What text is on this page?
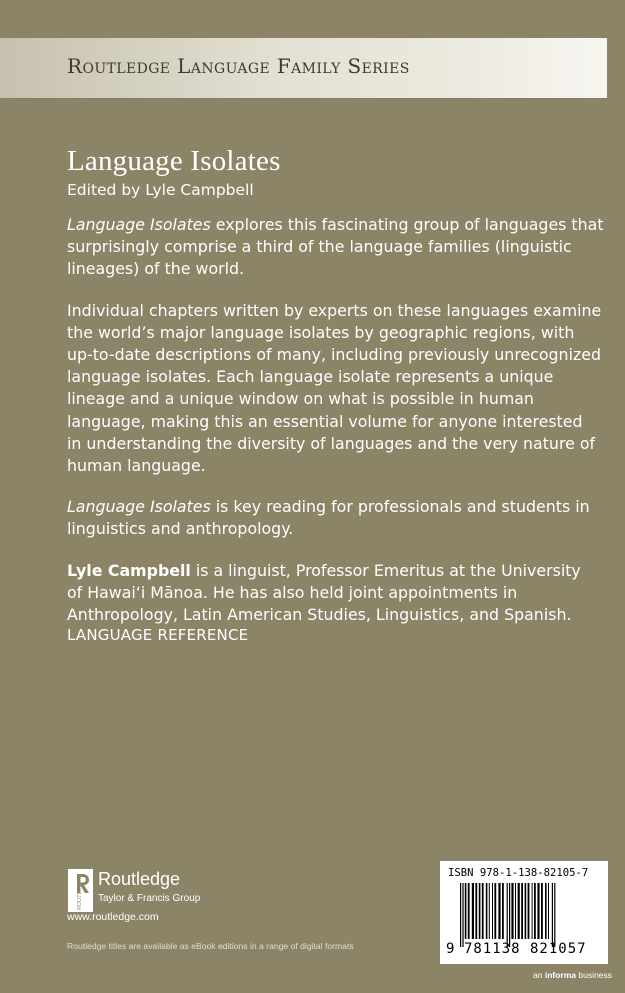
Routledge Language Family Series
Language Isolates
Edited by Lyle Campbell

Language Isolates explores this fascinating group of languages that
surprisingly comprise a third of the language families (linguistic
lineages) of the world.

Individual chapters written by experts on these languages examine
the world’s major language isolates by geographic regions, with
up-to-date descriptions of many, including previously unrecognized
language isolates. Each language isolate represents a unique
lineage and a unique window on what is possible in human
language, making this an essential volume for anyone interested
in understanding the diversity of languages and the very nature of
human language.

Language Isolates is key reading for professionals and students in
linguistics and anthropology.

Lyle Campbell is a linguist, Professor Emeritus at the University
of Hawai‘i Mānoa. He has also held joint appointments in
Anthropology, Latin American Studies, Linguistics, and Spanish.

LANGUAGE REFERENCE
ROUTLEDGE Routledge
Taylor & Francis Group
www.routledge.com
Routledge titles are available as eBook editions in a range of digital formats
ISBN 978-1-138-82105-7
9 781138 821057
an informa business
